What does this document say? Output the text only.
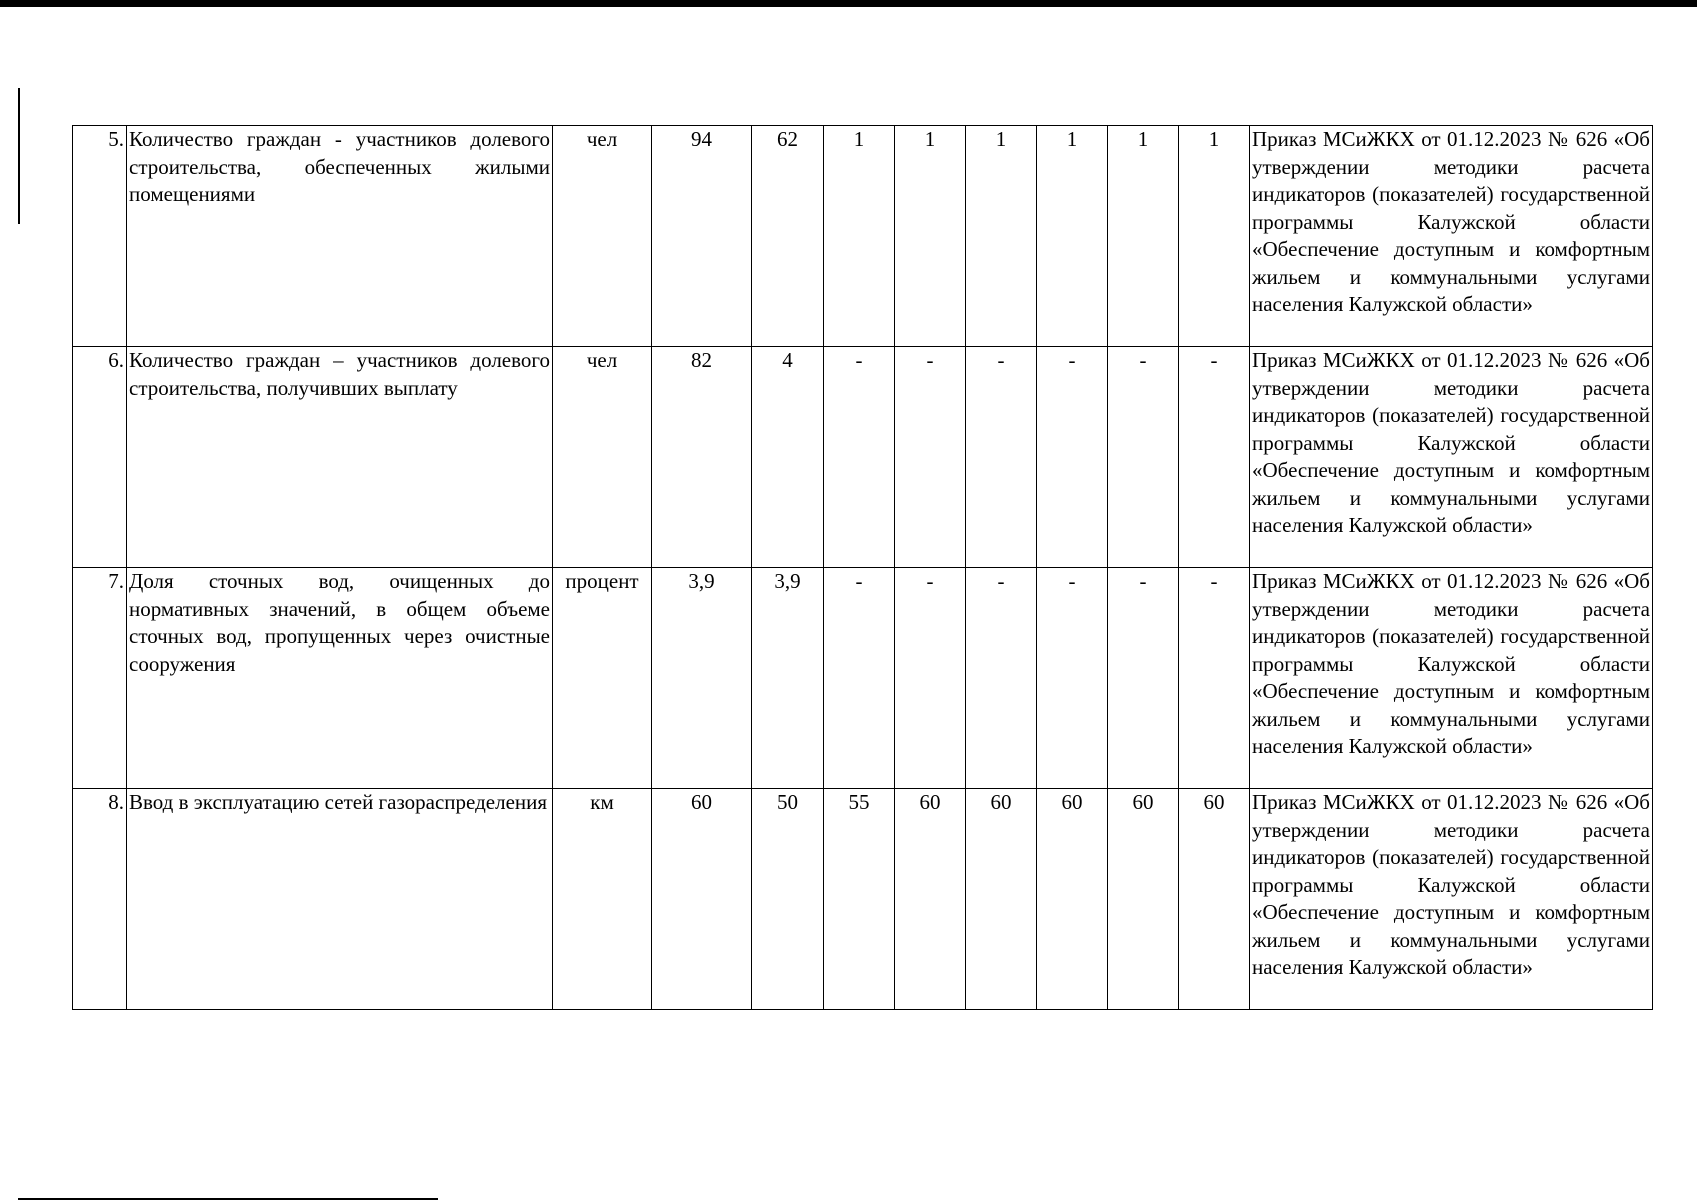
5.	Количество граждан - участников долевого строительства, обеспеченных жилыми помещениями	чел	94	62	1	1	1	1	1	1	Приказ МСиЖКХ от 01.12.2023 № 626 «Об утверждении методики расчета индикаторов (показателей) государственной программы Калужской области «Обеспечение доступным и комфортным жильем и коммунальными услугами населения Калужской области»
6.	Количество граждан – участников долевого строительства, получивших выплату	чел	82	4	-	-	-	-	-	-	Приказ МСиЖКХ от 01.12.2023 № 626 «Об утверждении методики расчета индикаторов (показателей) государственной программы Калужской области «Обеспечение доступным и комфортным жильем и коммунальными услугами населения Калужской области»
7.	Доля сточных вод, очищенных до нормативных значений, в общем объеме сточных вод, пропущенных через очистные сооружения	процент	3,9	3,9	-	-	-	-	-	-	Приказ МСиЖКХ от 01.12.2023 № 626 «Об утверждении методики расчета индикаторов (показателей) государственной программы Калужской области «Обеспечение доступным и комфортным жильем и коммунальными услугами населения Калужской области»
8.	Ввод в эксплуатацию сетей газораспределения	км	60	50	55	60	60	60	60	60	Приказ МСиЖКХ от 01.12.2023 № 626 «Об утверждении методики расчета индикаторов (показателей) государственной программы Калужской области «Обеспечение доступным и комфортным жильем и коммунальными услугами населения Калужской области»
